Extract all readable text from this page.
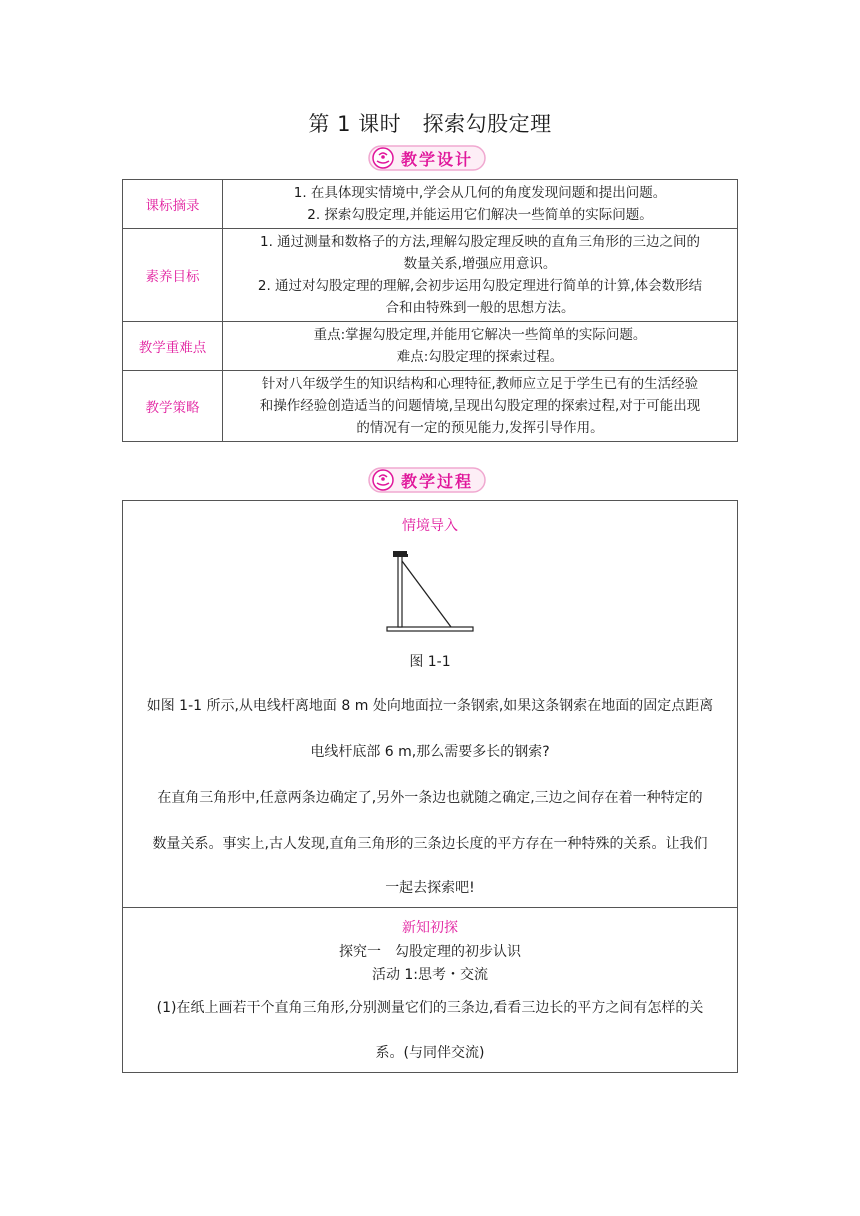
第 1 课时　探索勾股定理
教学设计
课标摘录	1. 在具体现实情境中,学会从几何的角度发现问题和提出问题。
2. 探索勾股定理,并能运用它们解决一些简单的实际问题。

素养目标	1. 通过测量和数格子的方法,理解勾股定理反映的直角三角形的三边之间的
数量关系,增强应用意识。
2. 通过对勾股定理的理解,会初步运用勾股定理进行简单的计算,体会数形结
合和由特殊到一般的思想方法。

教学重难点	重点:掌握勾股定理,并能用它解决一些简单的实际问题。
难点:勾股定理的探索过程。

教学策略	针对八年级学生的知识结构和心理特征,教师应立足于学生已有的生活经验
和操作经验创造适当的问题情境,呈现出勾股定理的探索过程,对于可能出现
的情况有一定的预见能力,发挥引导作用。
教学过程
情境导入
图 1-1
如图 1-1 所示,从电线杆离地面 8 m 处向地面拉一条钢索,如果这条钢索在地面的固定点距离
电线杆底部 6 m,那么需要多长的钢索?
在直角三角形中,任意两条边确定了,另外一条边也就随之确定,三边之间存在着一种特定的
数量关系。事实上,古人发现,直角三角形的三条边长度的平方存在一种特殊的关系。让我们
一起去探索吧!
新知初探
探究一　勾股定理的初步认识
活动 1:思考・交流
(1)在纸上画若干个直角三角形,分别测量它们的三条边,看看三边长的平方之间有怎样的关
系。(与同伴交流)
